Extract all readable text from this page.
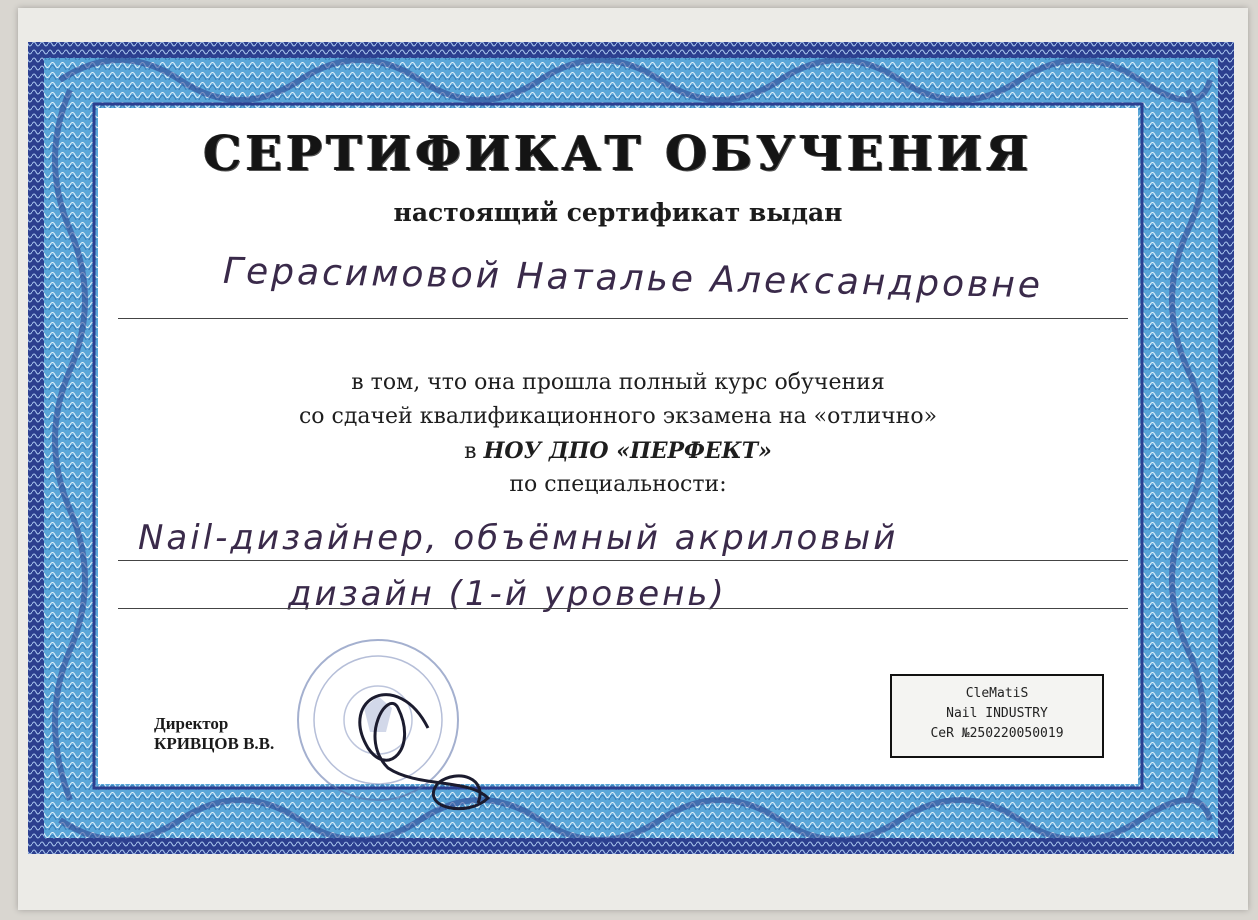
СЕРТИФИКАТ ОБУЧЕНИЯ
настоящий сертификат выдан
Герасимовой Наталье Александровне
в том, что она прошла полный курс обучения
со сдачей квалификационного экзамена на «отлично»
в НОУ ДПО «ПЕРФЕКТ»
по специальности:
Nail-дизайнер, объёмный акриловый
дизайн (1-й уровень)
Директор
КРИВЦОВ В.В.
CleMatiS
Nail INDUSTRY
CeR №250220050019
